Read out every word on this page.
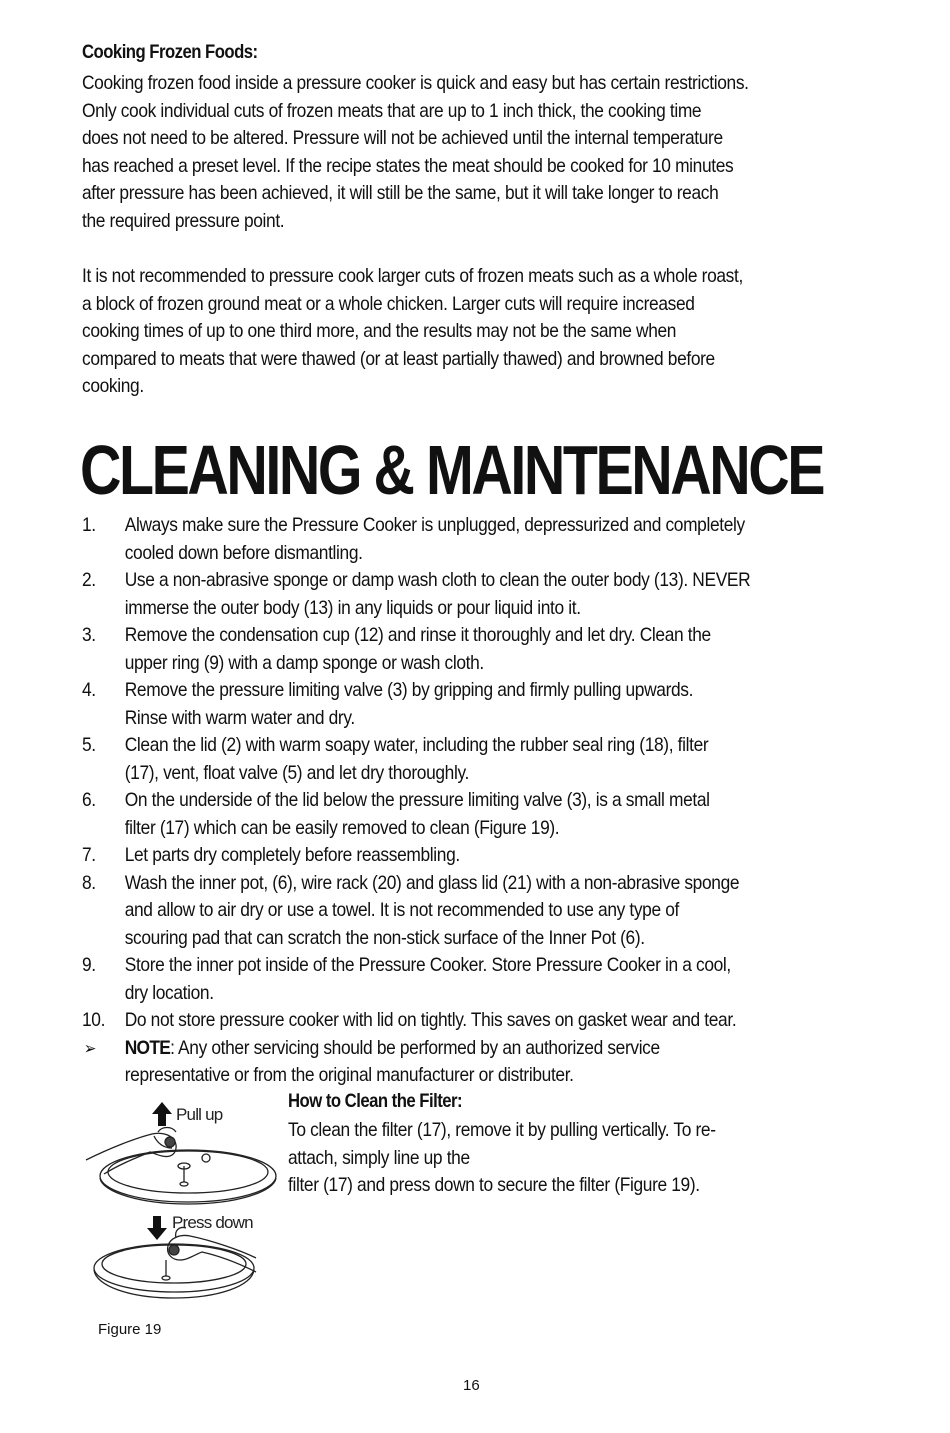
Cooking Frozen Foods:

Cooking frozen food inside a pressure cooker is quick and easy but has certain restrictions.
Only cook individual cuts of frozen meats that are up to 1 inch thick, the cooking time
does not need to be altered. Pressure will not be achieved until the internal temperature
has reached a preset level. If the recipe states the meat should be cooked for 10 minutes
after pressure has been achieved, it will still be the same, but it will take longer to reach
the required pressure point.

It is not recommended to pressure cook larger cuts of frozen meats such as a whole roast,
a block of frozen ground meat or a whole chicken. Larger cuts will require increased
cooking times of up to one third more, and the results may not be the same when
compared to meats that were thawed (or at least partially thawed) and browned before
cooking.

CLEANING & MAINTENANCE
1.	Always make sure the Pressure Cooker is unplugged, depressurized and completely
cooled down before dismantling.
2.	Use a non-abrasive sponge or damp wash cloth to clean the outer body (13). NEVER
immerse the outer body (13) in any liquids or pour liquid into it.
3.	Remove the condensation cup (12) and rinse it thoroughly and let dry. Clean the
upper ring (9) with a damp sponge or wash cloth.
4.	Remove the pressure limiting valve (3) by gripping and firmly pulling upwards.
Rinse with warm water and dry.
5.	Clean the lid (2) with warm soapy water, including the rubber seal ring (18), filter
(17), vent, float valve (5) and let dry thoroughly.
6.	On the underside of the lid below the pressure limiting valve (3), is a small metal
filter (17) which can be easily removed to clean (Figure 19).
7.	Let parts dry completely before reassembling.
8.	Wash the inner pot, (6), wire rack (20) and glass lid (21) with a non-abrasive sponge
and allow to air dry or use a towel. It is not recommended to use any type of
scouring pad that can scratch the non-stick surface of the Inner Pot (6).
9.	Store the inner pot inside of the Pressure Cooker. Store Pressure Cooker in a cool,
dry location.
10.	Do not store pressure cooker with lid on tightly. This saves on gasket wear and tear.
➢ NOTE: Any other servicing should be performed by an authorized service
representative or from the original manufacturer or distributer.
Pull up
Press down
How to Clean the Filter:

To clean the filter (17), remove it by pulling vertically. To re-
attach, simply line up the
filter (17) and press down to secure the filter (Figure 19).

Figure 19
16
